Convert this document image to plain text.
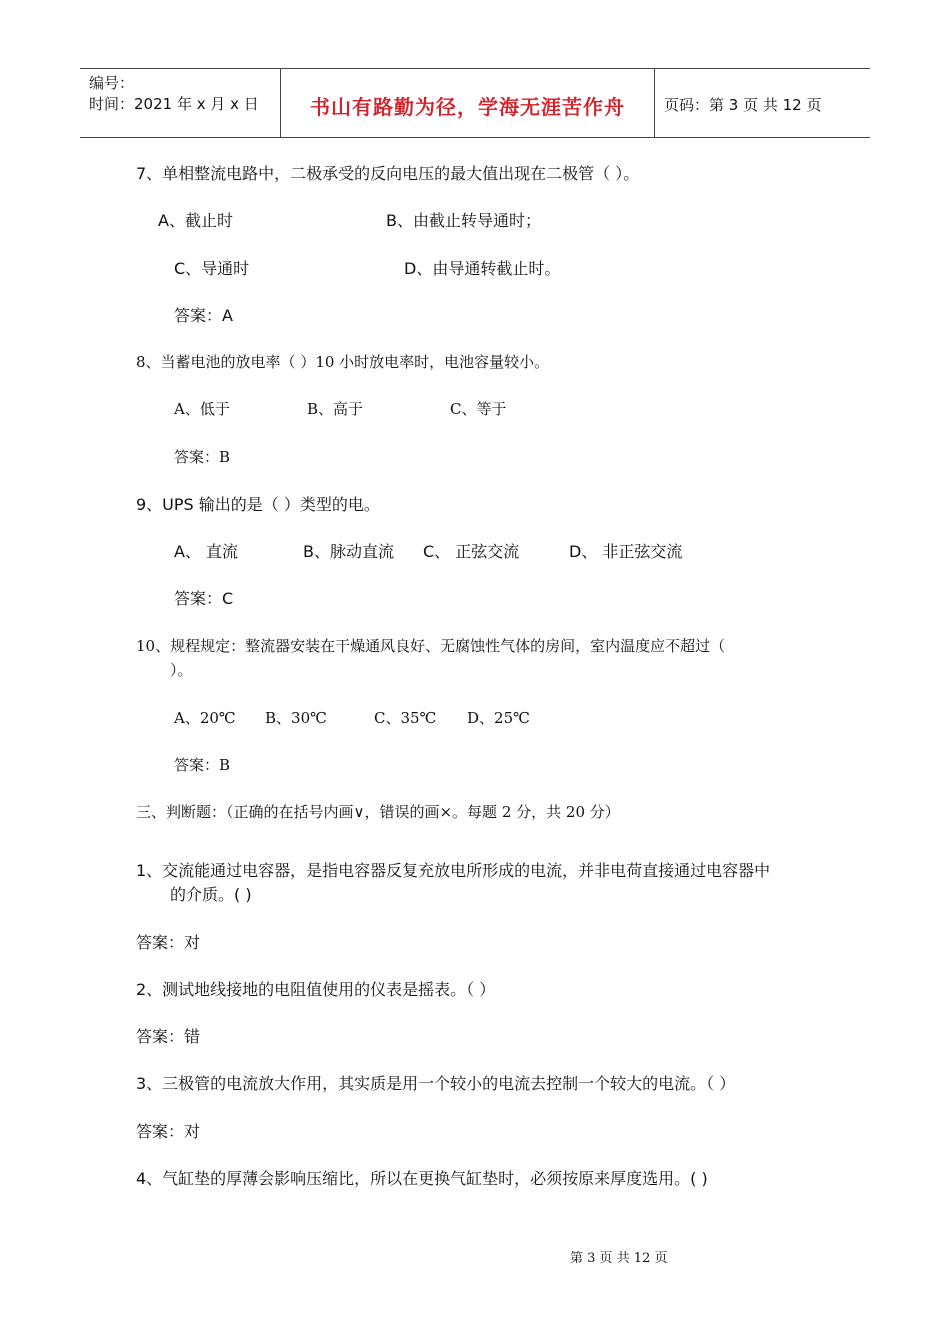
编号：
时间：2021 年 x 月 x 日	书山有路勤为径，学海无涯苦作舟	页码：第 3 页 共 12 页
7、单相整流电路中，二极承受的反向电压的最大值出现在二极管（ ）。
A、截止时	B、由截止转导通时；
C、导通时	D、由导通转截止时。
答案：A
8、当蓄电池的放电率（ ）10 小时放电率时，电池容量较小。
A、低于	B、高于	C、等于
答案：B
9、UPS 输出的是（ ）类型的电。
A、 直流	B、脉动直流 C、 正弦交流	D、 非正弦交流
答案：C
10、规程规定：整流器安装在干燥通风良好、无腐蚀性气体的房间，室内温度应不超过（
）。
A、20℃ B、30℃	C、35℃ D、25℃
答案：B
三、判断题：（正确的在括号内画∨，错误的画×。每题 2 分，共 20 分）
1、交流能通过电容器，是指电容器反复充放电所形成的电流，并非电荷直接通过电容器中
的介质。( )
答案：对
2、测试地线接地的电阻值使用的仪表是摇表。（ ）
答案：错
3、三极管的电流放大作用，其实质是用一个较小的电流去控制一个较大的电流。（ ）
答案：对
4、气缸垫的厚薄会影响压缩比，所以在更换气缸垫时，必须按原来厚度选用。( )
第 3 页 共 12 页
